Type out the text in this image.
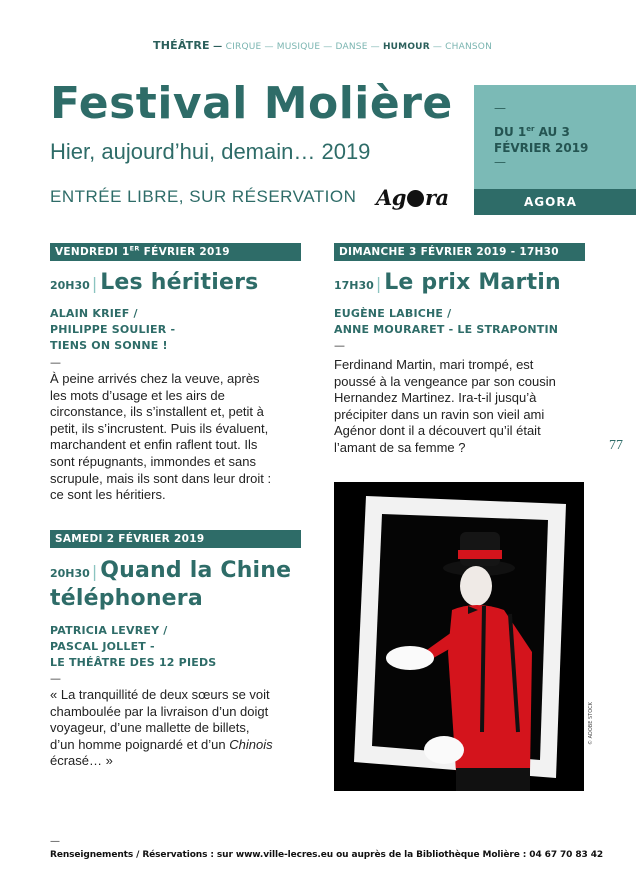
THÉÂTRE — CIRQUE — MUSIQUE — DANSE — HUMOUR — CHANSON
Festival Molière
Hier, aujourd’hui, demain… 2019
ENTRÉE LIBRE, SUR RÉSERVATION Ag ra
—
DU 1er AU 3
FÉVRIER 2019
—
AGORA
VENDREDI 1ER FÉVRIER 2019
20H30 | Les héritiers
ALAIN KRIEF /
PHILIPPE SOULIER -
TIENS ON SONNE !
—
À peine arrivés chez la veuve, après
les mots d’usage et les airs de
circonstance, ils s’installent et, petit à
petit, ils s’incrustent. Puis ils évaluent,
marchandent et enfin raflent tout. Ils
sont répugnants, immondes et sans
scrupule, mais ils sont dans leur droit :
ce sont les héritiers.
SAMEDI 2 FÉVRIER 2019
20H30 | Quand la Chine
téléphonera
PATRICIA LEVREY /
PASCAL JOLLET -
LE THÉÂTRE DES 12 PIEDS
—
« La tranquillité de deux sœurs se voit
chamboulée par la livraison d’un doigt
voyageur, d’une mallette de billets,
d’un homme poignardé et d’un Chinois
écrasé… »
DIMANCHE 3 FÉVRIER 2019 - 17H30
17H30 | Le prix Martin
EUGÈNE LABICHE /
ANNE MOURARET - LE STRAPONTIN
—
Ferdinand Martin, mari trompé, est
poussé à la vengeance par son cousin
Hernandez Martinez. Ira-t-il jusqu’à
précipiter dans un ravin son vieil ami
Agénor dont il a découvert qu’il était
l’amant de sa femme ?	77
© ADOBE STOCK
—
Renseignements / Réservations : sur www.ville-lecres.eu ou auprès de la Bibliothèque Molière : 04 67 70 83 42
